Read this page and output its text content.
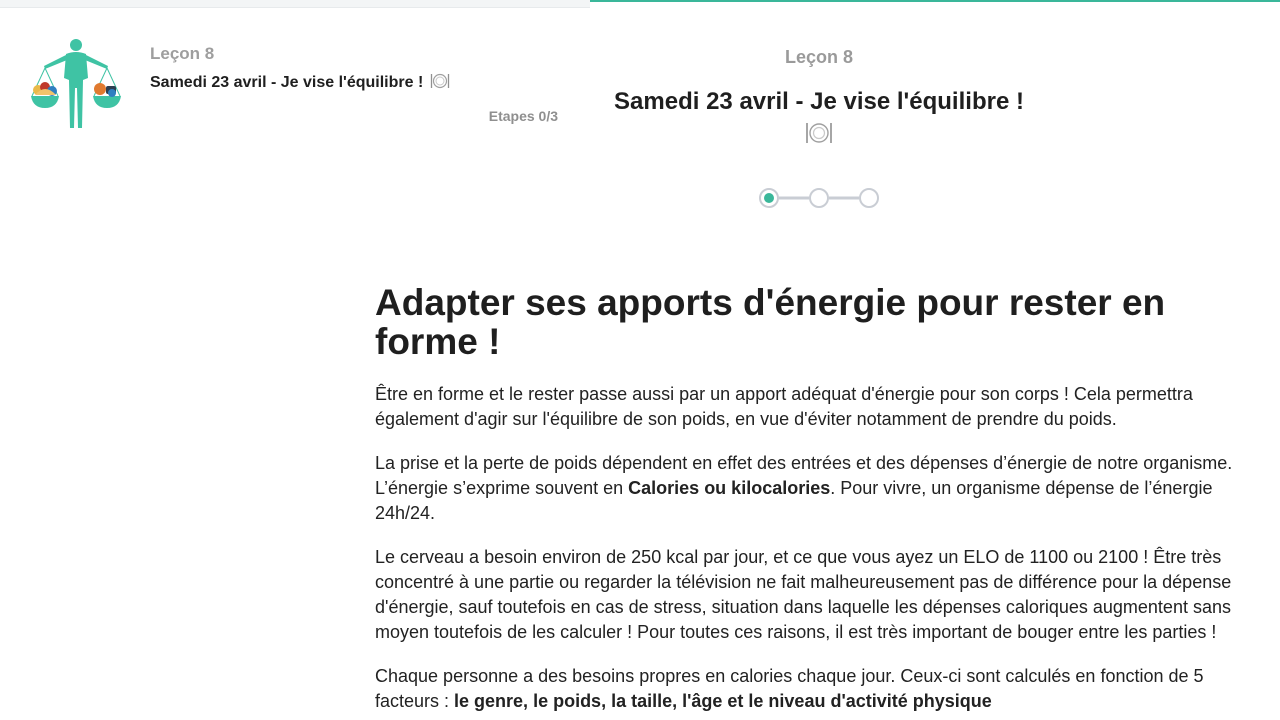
Leçon 8
Samedi 23 avril - Je vise l'équilibre !
Etapes 0/3
Leçon 8
Samedi 23 avril - Je vise l'équilibre !
Adapter ses apports d'énergie pour rester en forme !

Être en forme et le rester passe aussi par un apport adéquat d'énergie pour son corps ! Cela permettra également d'agir sur l'équilibre de son poids, en vue d'éviter notamment de prendre du poids.

La prise et la perte de poids dépendent en effet des entrées et des dépenses d’énergie de notre organisme. L’énergie s’exprime souvent en Calories ou kilocalories. Pour vivre, un organisme dépense de l’énergie 24h/24.

Le cerveau a besoin environ de 250 kcal par jour, et ce que vous ayez un ELO de 1100 ou 2100 ! Être très concentré à une partie ou regarder la télévision ne fait malheureusement pas de différence pour la dépense d'énergie, sauf toutefois en cas de stress, situation dans laquelle les dépenses caloriques augmentent sans moyen toutefois de les calculer ! Pour toutes ces raisons, il est très important de bouger entre les parties !

Chaque personne a des besoins propres en calories chaque jour. Ceux-ci sont calculés en fonction de 5 facteurs : le genre, le poids, la taille, l'âge et le niveau d'activité physique
